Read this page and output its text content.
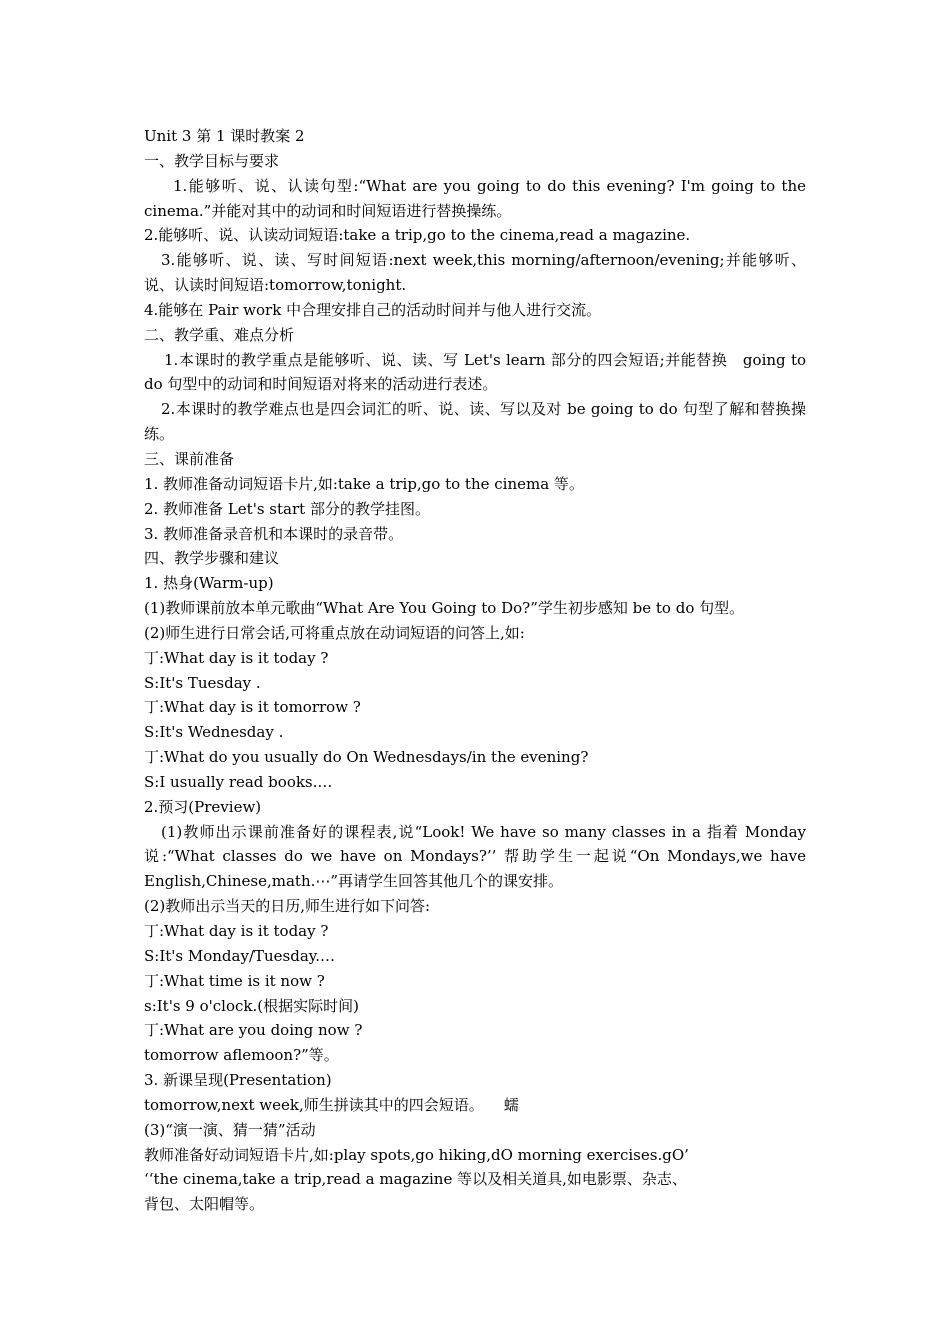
Unit 3 第 1 课时教案 2

一、教学目标与要求

1.能够听、说、认读句型:“What are you going to do this evening? I'm going to the cinema.”并能对其中的动词和时间短语进行替换操练。

2.能够听、说、认读动词短语:take a trip,go to the cinema,read a magazine.

3.能够听、说、读、写时间短语:next week,this morning/afternoon/evening;并能够听、说、认读时间短语:tomorrow,tonight.

4.能够在 Pair work 中合理安排自己的活动时间并与他人进行交流。

二、教学重、难点分析

1.本课时的教学重点是能够听、说、读、写 Let's learn 部分的四会短语;并能替换　going to do 句型中的动词和时间短语对将来的活动进行表述。

2.本课时的教学难点也是四会词汇的听、说、读、写以及对 be going to do 句型了解和替换操练。

三、课前准备

1. 教师准备动词短语卡片,如:take a trip,go to the cinema 等。

2. 教师准备 Let's start 部分的教学挂图。

3. 教师准备录音机和本课时的录音带。

四、教学步骤和建议

1. 热身(Warm-up)

(1)教师课前放本单元歌曲“What Are You Going to Do?”学生初步感知 be to do 句型。

(2)师生进行日常会话,可将重点放在动词短语的问答上,如:

丁:What day is it today ?

S:It's Tuesday .

丁:What day is it tomorrow ?

S:It's Wednesday .

丁:What do you usually do On Wednesdays/in the evening?

S:I usually read books.…

2.预习(Preview)

(1)教师出示课前准备好的课程表,说“Look! We have so many classes in a 指着 Monday 说:“What classes do we have on Mondays?’’ 帮助学生一起说“On Mondays,we have English,Chinese,math.⋯”再请学生回答其他几个的课安排。

(2)教师出示当天的日历,师生进行如下问答:

丁:What day is it today ?

S:It's Monday/Tuesday.…

丁:What time is it now ?

s:It's 9 o'clock.(根据实际时间)

丁:What are you doing now ?

tomorrow aflemoon?”等。

3. 新课呈现(Presentation)

tomorrow,next week,师生拼读其中的四会短语。 蠕

(3)“演一演、猜一猜”活动

教师准备好动词短语卡片,如:play spots,go hiking,dO morning exercises.gO’

‘‘the cinema,take a trip,read a magazine 等以及相关道具,如电影票、杂志、

背包、太阳帽等。
